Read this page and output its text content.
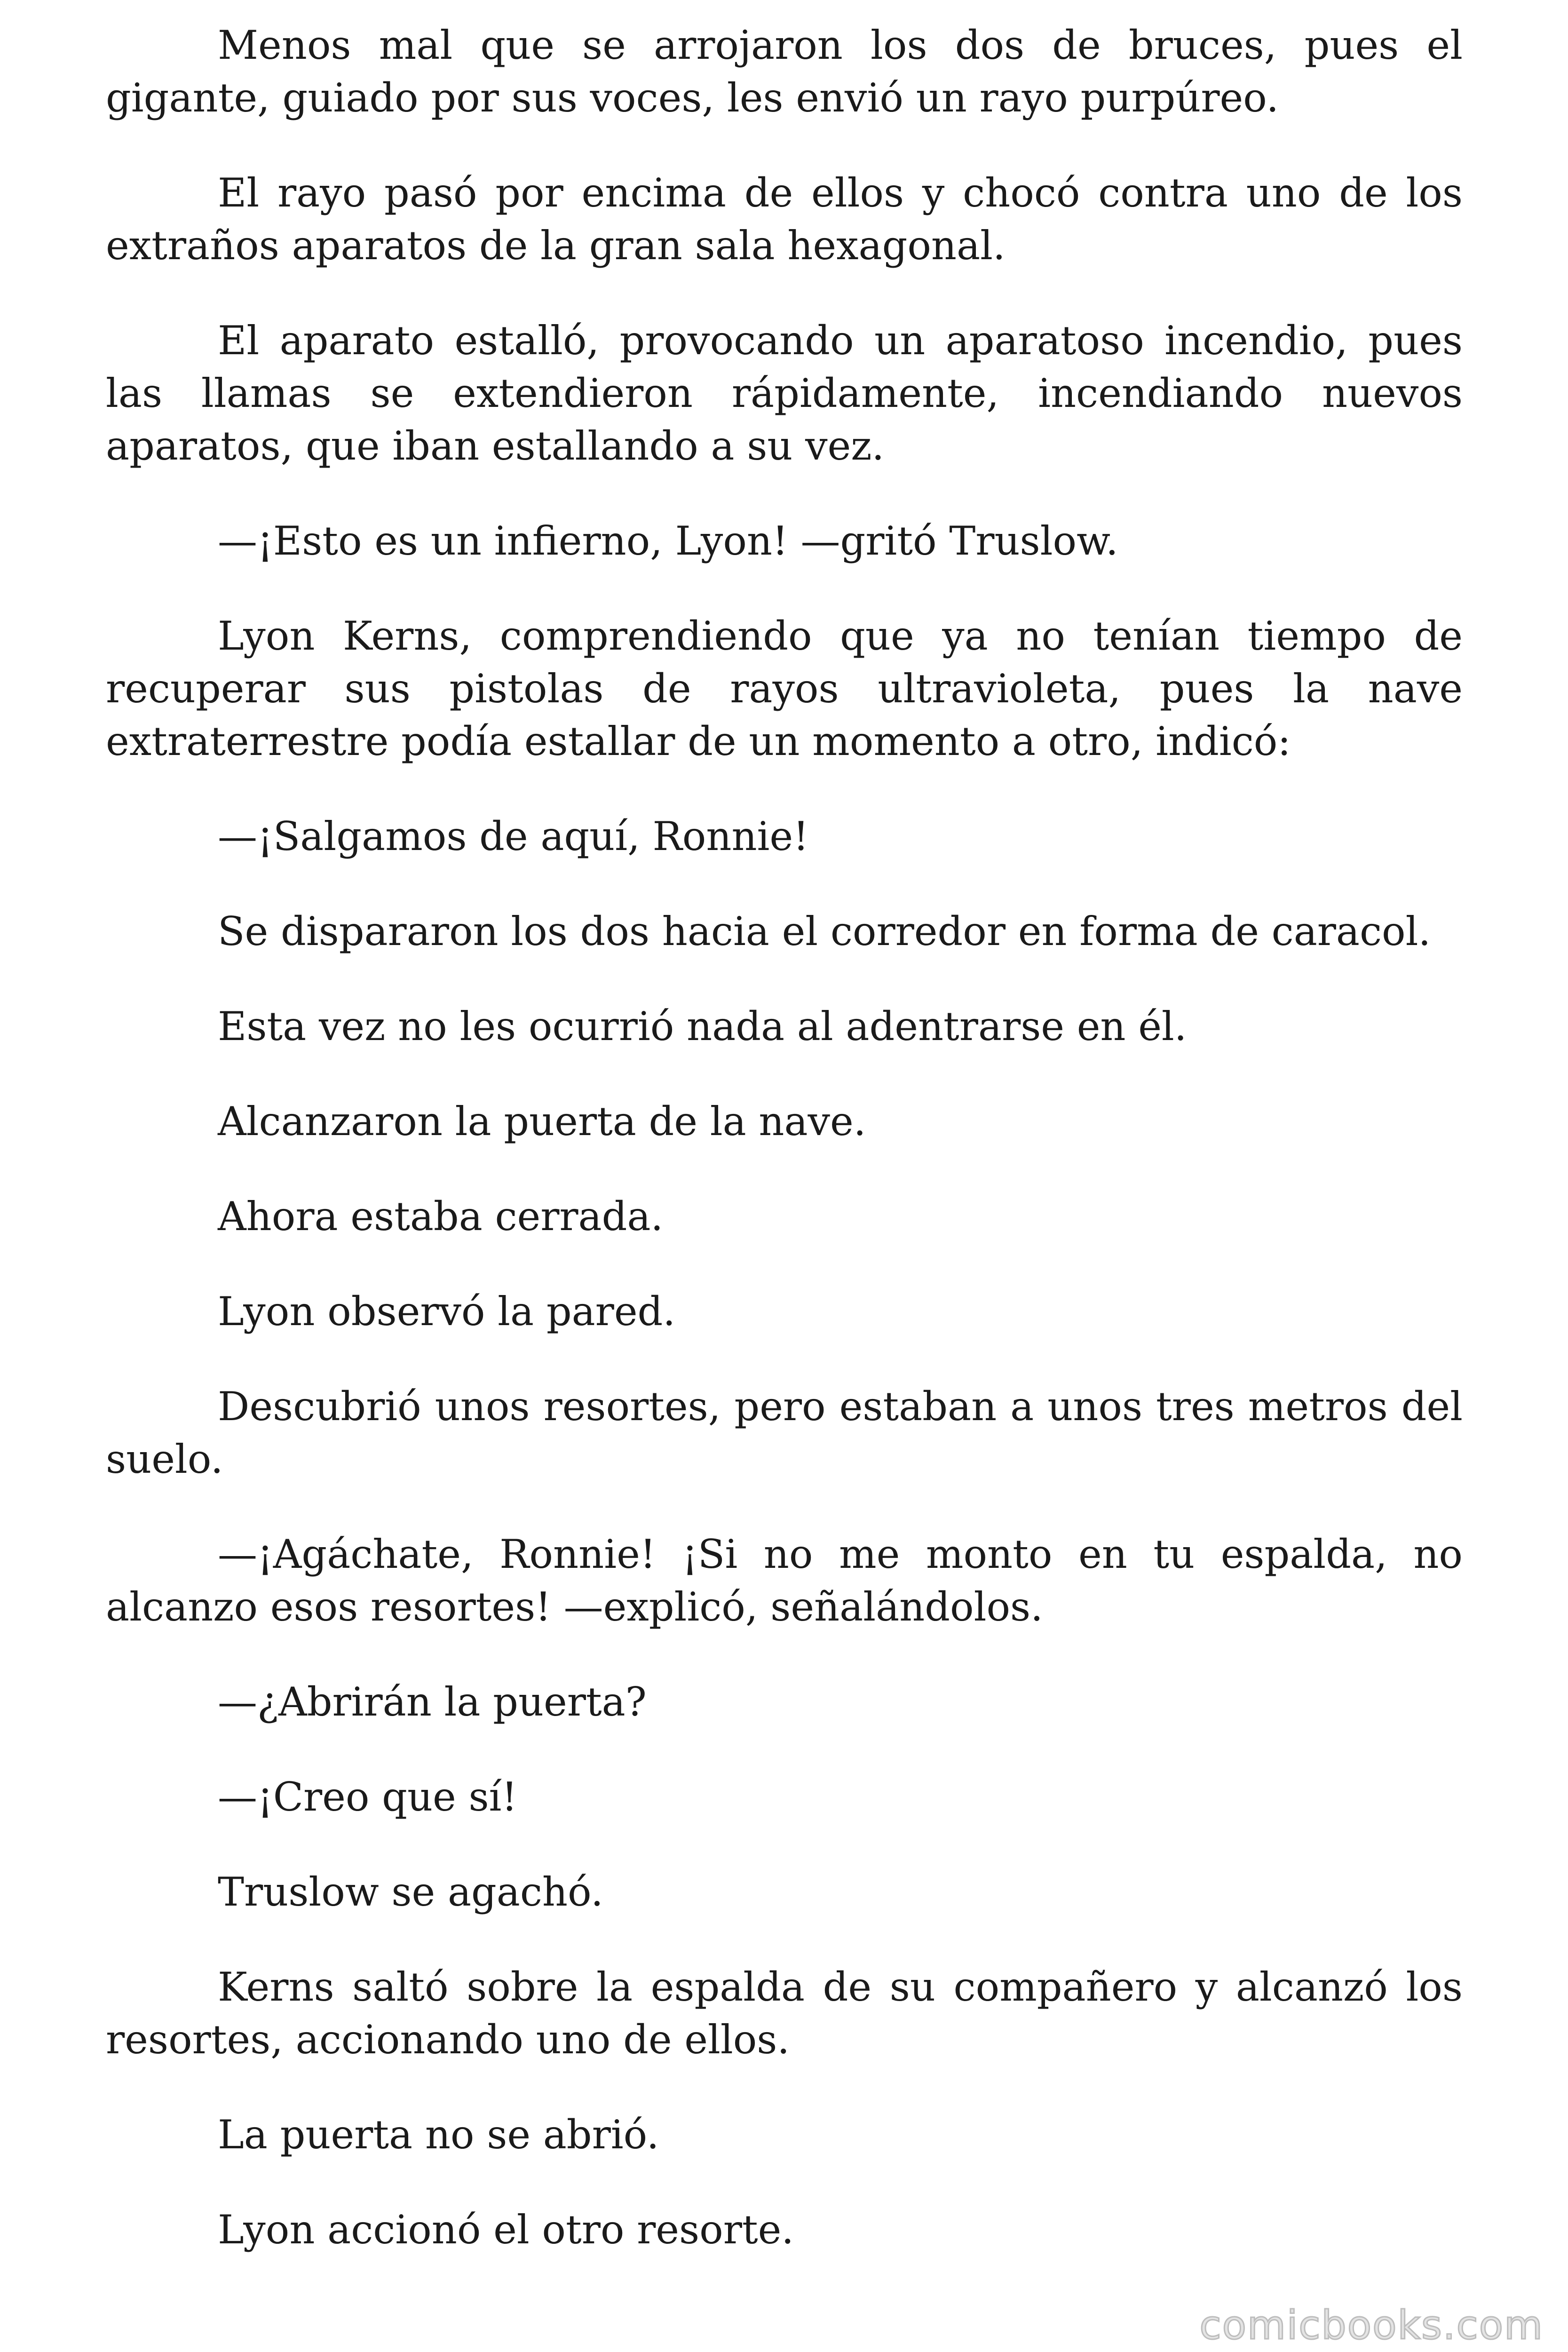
Menos mal que se arrojaron los dos de bruces, pues el gigante, guiado por sus voces, les envió un rayo purpúreo.

El rayo pasó por encima de ellos y chocó contra uno de los extraños aparatos de la gran sala hexagonal.

El aparato estalló, provocando un aparatoso incendio, pues las llamas se extendieron rápidamente, incendiando nuevos aparatos, que iban estallando a su vez.

—¡Esto es un infierno, Lyon! —gritó Truslow.

Lyon Kerns, comprendiendo que ya no tenían tiempo de recuperar sus pistolas de rayos ultravioleta, pues la nave extraterrestre podía estallar de un momento a otro, indicó:

—¡Salgamos de aquí, Ronnie!

Se dispararon los dos hacia el corredor en forma de caracol.

Esta vez no les ocurrió nada al adentrarse en él.

Alcanzaron la puerta de la nave.

Ahora estaba cerrada.

Lyon observó la pared.

Descubrió unos resortes, pero estaban a unos tres metros del suelo.

—¡Agáchate, Ronnie! ¡Si no me monto en tu espalda, no alcanzo esos resortes! —explicó, señalándolos.

—¿Abrirán la puerta?

—¡Creo que sí!

Truslow se agachó.

Kerns saltó sobre la espalda de su compañero y alcanzó los resortes, accionando uno de ellos.

La puerta no se abrió.

Lyon accionó el otro resorte.

comicbooks.com
